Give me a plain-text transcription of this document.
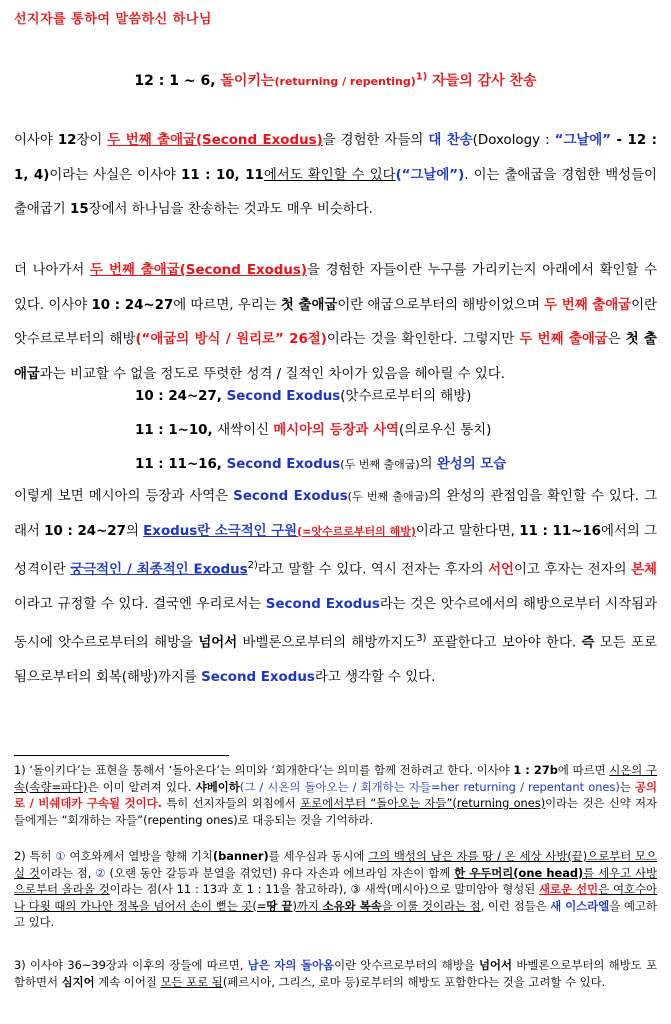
선지자를 통하여 말씀하신 하나님
12 : 1 ~ 6, 돌이키는(returning / repenting)$^{1)}$ 자들의 감사 찬송
이사야 12장이 두 번째 출애굽(Second Exodus)을 경험한 자들의 대 찬송(Doxology : “그날에” - 12 : 1, 4)이라는 사실은 이사야 11 : 10, 11에서도 확인할 수 있다(“그날에”). 이는 출애굽을 경험한 백성들이 출애굽기 15장에서 하나님을 찬송하는 것과도 매우 비슷하다.
더 나아가서 두 번째 출애굽(Second Exodus)을 경험한 자들이란 누구를 가리키는지 아래에서 확인할 수 있다. 이사야 10 : 24~27에 따르면, 우리는 첫 출애굽이란 애굽으로부터의 해방이었으며 두 번째 출애굽이란 앗수르로부터의 해방(“애굽의 방식 / 원리로” 26절)이라는 것을 확인한다. 그렇지만 두 번째 출애굽은 첫 출애굽과는 비교할 수 없을 정도로 뚜렷한 성격 / 질적인 차이가 있음을 헤아릴 수 있다.
10 : 24~27, Second Exodus(앗수르로부터의 해방)
11 : 1~10, 새싹이신 메시아의 등장과 사역(의로우신 통치)
11 : 11~16, Second Exodus(두 번째 출애굽)의 완성의 모습
이렇게 보면 메시아의 등장과 사역은 Second Exodus(두 번째 출애굽)의 완성의 관점임을 확인할 수 있다. 그래서 10 : 24~27의 Exodus란 소극적인 구원(=앗수르로부터의 해방)이라고 말한다면, 11 : 11~16에서의 그 성격이란 궁극적인 / 최종적인 Exodus$^{2)}$라고 말할 수 있다. 역시 전자는 후자의 서언이고 후자는 전자의 본체이라고 규정할 수 있다. 결국엔 우리로서는 Second Exodus라는 것은 앗수르에서의 해방으로부터 시작됨과 동시에 앗수르로부터의 해방을 넘어서 바벨론으로부터의 해방까지도$^{3)}$ 포괄한다고 보아야 한다. 즉 모든 포로 됨으로부터의 회복(해방)까지를 Second Exodus라고 생각할 수 있다.
1) ‘돌이키다’는 표현을 통해서 ‘돌아온다’는 의미와 ‘회개한다’는 의미를 함께 전하려고 한다. 이사야 1 : 27b에 따르면 시온의 구속(속량=파다)은 이미 알려져 있다. 샤베이하(그 / 시온의 돌아오는 / 회개하는 자들=her returning / repentant ones)는 공의로 / 비쉐데카 구속될 것이다. 특히 선지자들의 외침에서 포로에서부터 “돌아오는 자들”(returning ones)이라는 것은 신약 저자들에게는 “회개하는 자들”(repenting ones)로 대응되는 것을 기억하라.
2) 특히 ① 여호와께서 열방을 향해 기치(banner)를 세우심과 동시에 그의 백성의 남은 자를 땅 / 온 세상 사방(끝)으로부터 모으실 것이라는 점, ② (오랜 동안 갈등과 분열을 겪었던) 유다 자손과 에브라임 자손이 함께 한 우두머리(one head)를 세우고 사방으로부터 올라올 것이라는 점(사 11 : 13과 호 1 : 11을 참고하라), ③ 새싹(메시아)으로 말미암아 형성된 새로운 선민은 여호수아나 다윗 때의 가나안 정복을 넘어서 손이 뻗는 곳(=땅 끝)까지 소유와 복속을 이룰 것이라는 점, 이런 점들은 새 이스라엘을 예고하고 있다.
3) 이사야 36~39장과 이후의 장들에 따르면, 남은 자의 돌아옴이란 앗수르로부터의 해방을 넘어서 바벨론으로부터의 해방도 포함하면서 심지어 계속 이어질 모든 포로 됨(페르시아, 그리스, 로마 등)로부터의 해방도 포함한다는 것을 고려할 수 있다.
